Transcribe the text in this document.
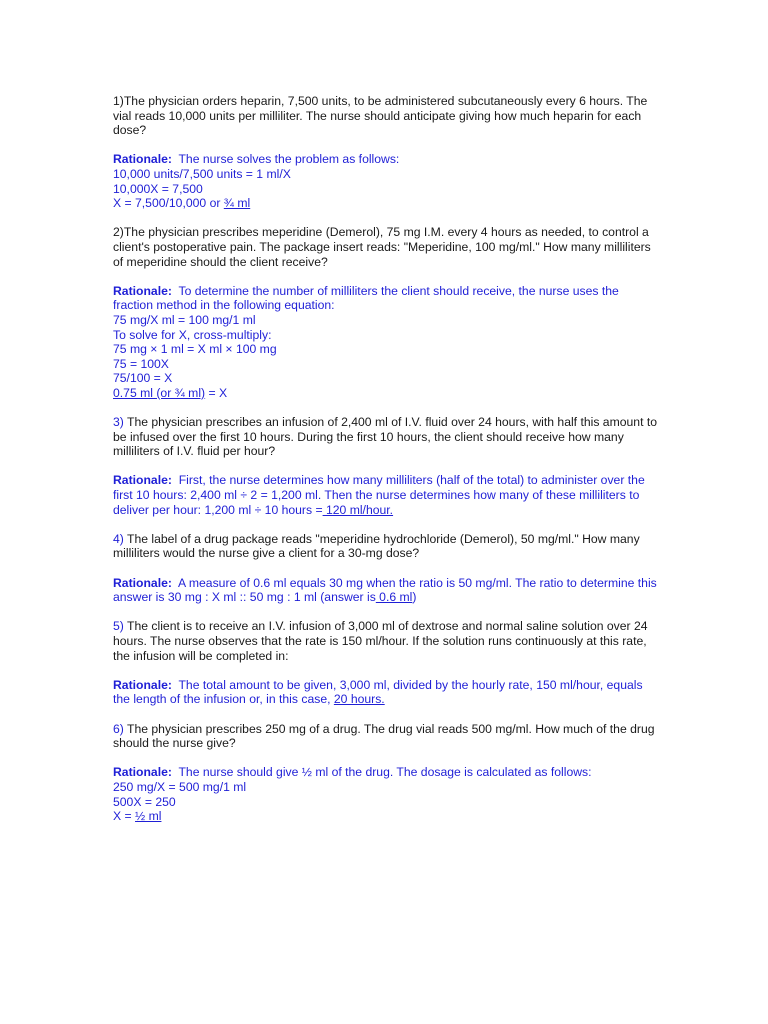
1)The physician orders heparin, 7,500 units, to be administered subcutaneously every 6 hours. The vial reads 10,000 units per milliliter. The nurse should anticipate giving how much heparin for each dose?
Rationale: The nurse solves the problem as follows:
10,000 units/7,500 units = 1 ml/X
10,000X = 7,500
X = 7,500/10,000 or ¾ ml
2)The physician prescribes meperidine (Demerol), 75 mg I.M. every 4 hours as needed, to control a client's postoperative pain. The package insert reads: "Meperidine, 100 mg/ml." How many milliliters of meperidine should the client receive?
Rationale: To determine the number of milliliters the client should receive, the nurse uses the fraction method in the following equation:
75 mg/X ml = 100 mg/1 ml
To solve for X, cross-multiply:
75 mg × 1 ml = X ml × 100 mg
75 = 100X
75/100 = X
0.75 ml (or ¾ ml) = X
3) The physician prescribes an infusion of 2,400 ml of I.V. fluid over 24 hours, with half this amount to be infused over the first 10 hours. During the first 10 hours, the client should receive how many milliliters of I.V. fluid per hour?
Rationale: First, the nurse determines how many milliliters (half of the total) to administer over the first 10 hours: 2,400 ml ÷ 2 = 1,200 ml. Then the nurse determines how many of these milliliters to deliver per hour: 1,200 ml ÷ 10 hours = 120 ml/hour.
4) The label of a drug package reads "meperidine hydrochloride (Demerol), 50 mg/ml." How many milliliters would the nurse give a client for a 30-mg dose?
Rationale: A measure of 0.6 ml equals 30 mg when the ratio is 50 mg/ml. The ratio to determine this answer is 30 mg : X ml :: 50 mg : 1 ml (answer is 0.6 ml)
5) The client is to receive an I.V. infusion of 3,000 ml of dextrose and normal saline solution over 24 hours. The nurse observes that the rate is 150 ml/hour. If the solution runs continuously at this rate, the infusion will be completed in:
Rationale: The total amount to be given, 3,000 ml, divided by the hourly rate, 150 ml/hour, equals the length of the infusion or, in this case, 20 hours.
6) The physician prescribes 250 mg of a drug. The drug vial reads 500 mg/ml. How much of the drug should the nurse give?
Rationale: The nurse should give ½ ml of the drug. The dosage is calculated as follows:
250 mg/X = 500 mg/1 ml
500X = 250
X = ½ ml
